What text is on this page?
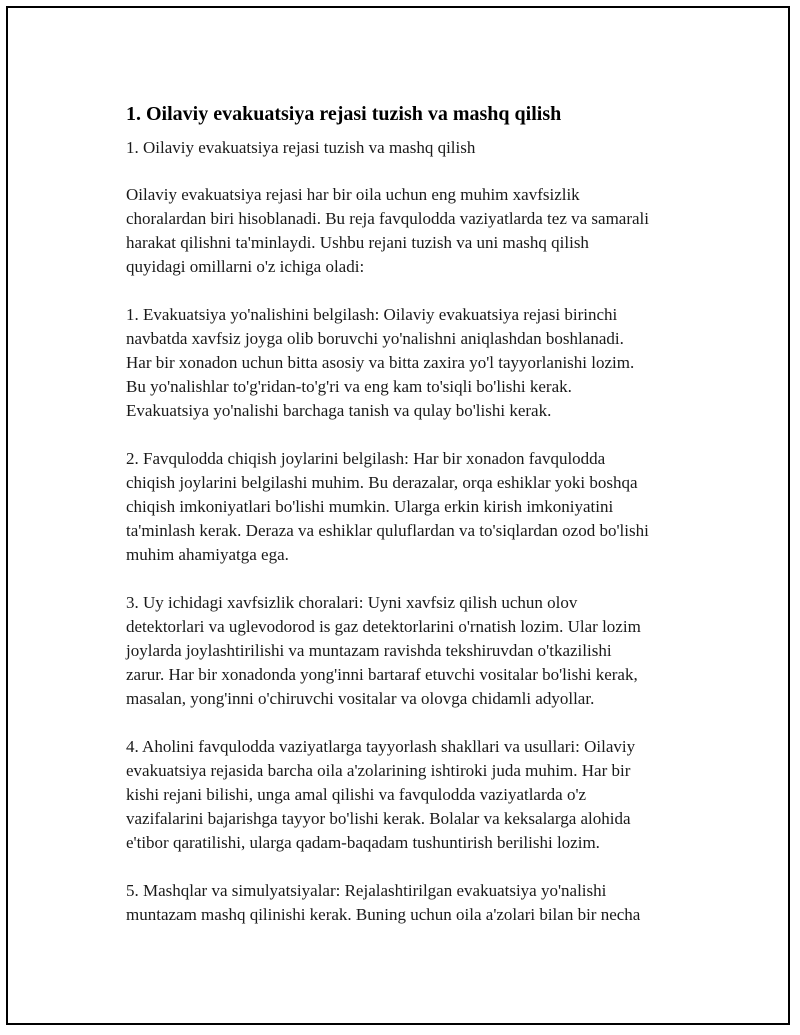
1. Oilaviy evakuatsiya rejasi tuzish va mashq qilish
1. Oilaviy evakuatsiya rejasi tuzish va mashq qilish
Oilaviy evakuatsiya rejasi har bir oila uchun eng muhim xavfsizlik
choralardan biri hisoblanadi. Bu reja favqulodda vaziyatlarda tez va samarali
harakat qilishni ta'minlaydi. Ushbu rejani tuzish va uni mashq qilish
quyidagi omillarni o'z ichiga oladi:
1. Evakuatsiya yo'nalishini belgilash: Oilaviy evakuatsiya rejasi birinchi
navbatda xavfsiz joyga olib boruvchi yo'nalishni aniqlashdan boshlanadi.
Har bir xonadon uchun bitta asosiy va bitta zaxira yo'l tayyorlanishi lozim.
Bu yo'nalishlar to'g'ridan-to'g'ri va eng kam to'siqli bo'lishi kerak.
Evakuatsiya yo'nalishi barchaga tanish va qulay bo'lishi kerak.
2. Favqulodda chiqish joylarini belgilash: Har bir xonadon favqulodda
chiqish joylarini belgilashi muhim. Bu derazalar, orqa eshiklar yoki boshqa
chiqish imkoniyatlari bo'lishi mumkin. Ularga erkin kirish imkoniyatini
ta'minlash kerak. Deraza va eshiklar quluflardan va to'siqlardan ozod bo'lishi
muhim ahamiyatga ega.
3. Uy ichidagi xavfsizlik choralari: Uyni xavfsiz qilish uchun olov
detektorlari va uglevodorod is gaz detektorlarini o'rnatish lozim. Ular lozim
joylarda joylashtirilishi va muntazam ravishda tekshiruvdan o'tkazilishi
zarur. Har bir xonadonda yong'inni bartaraf etuvchi vositalar bo'lishi kerak,
masalan, yong'inni o'chiruvchi vositalar va olovga chidamli adyollar.
4. Aholini favqulodda vaziyatlarga tayyorlash shakllari va usullari: Oilaviy
evakuatsiya rejasida barcha oila a'zolarining ishtiroki juda muhim. Har bir
kishi rejani bilishi, unga amal qilishi va favqulodda vaziyatlarda o'z
vazifalarini bajarishga tayyor bo'lishi kerak. Bolalar va keksalarga alohida
e'tibor qaratilishi, ularga qadam-baqadam tushuntirish berilishi lozim.
5. Mashqlar va simulyatsiyalar: Rejalashtirilgan evakuatsiya yo'nalishi
muntazam mashq qilinishi kerak. Buning uchun oila a'zolari bilan bir necha
